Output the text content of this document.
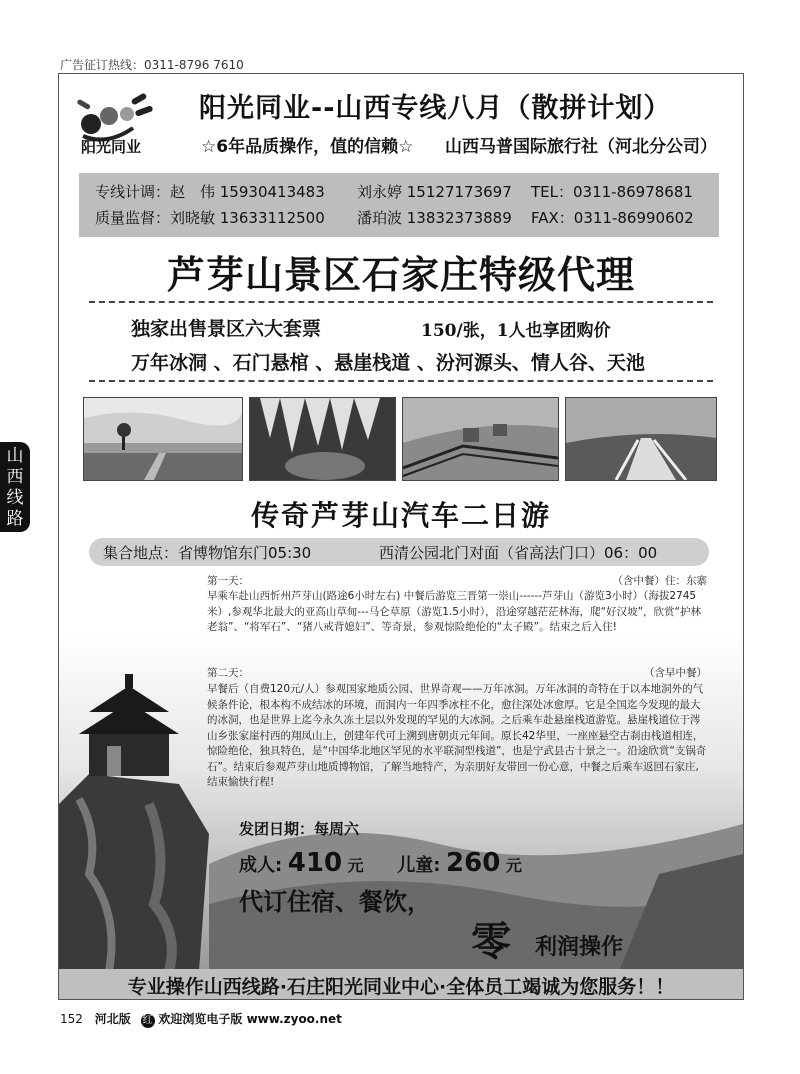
广告征订热线：0311-8796 7610
山
西
线
路
阳光同业
阳光同业--山西专线八月（散拼计划）
☆6年品质操作，值的信赖☆ 山西马普国际旅行社（河北分公司）
专线计调：赵　伟 15930413483 刘永婷 15127173697 TEL：0311-86978681
质量监督：刘晓敏 13633112500 潘珀波 13832373889 FAX：0311-86990602
芦芽山景区石家庄特级代理
独家出售景区六大套票	150/张，1人也享团购价
万年冰洞 、石门悬棺 、悬崖栈道 、汾河源头、情人谷、天池
传奇芦芽山汽车二日游
集合地点：省博物馆东门05:30	西清公园北门对面（省高法门口）06：00
第一天：	（含中餐）住：东寨
早乘车赴山西忻州芦芽山(路途6小时左右) 中餐后游览三晋第一崇山------芦芽山（游览3小时）（海拔2745米）,参观华北最大的亚高山草甸---马仑草原（游览1.5小时），沿途穿越茫茫林海，爬“好汉坡”，欣赏“护林老翁”、“将军石”、“猪八戒背媳妇”、等奇景，参观惊险绝伦的“太子殿”。结束之后入住!
第二天：	（含早中餐）
早餐后（自费120元/人）参观国家地质公园、世界奇观——万年冰洞。万年冰洞的奇特在于以本地洞外的气候条件论，根本构不成结冰的环境，而洞内一年四季冰柱不化，愈往深处冰愈厚。它是全国迄今发现的最大的冰洞，也是世界上迄今永久冻土层以外发现的罕见的大冰洞。之后乘车赴悬崖栈道游览。悬崖栈道位于涔山乡张家崖村西的翔凤山上，创建年代可上溯到唐朝贞元年间。原长42华里，一座座悬空古刹由栈道相连，惊险绝伦，独具特色，是“中国华北地区罕见的水平联洞型栈道”，也是宁武县古十景之一。沿途欣赏“支锅奇石”。结束后参观芦芽山地质博物馆，了解当地特产，为亲朋好友带回一份心意，中餐之后乘车返回石家庄,结束愉快行程!
发团日期：每周六
成人: 410 元 儿童: 260 元
代订住宿、餐饮，
零 利润操作
专业操作山西线路·石庄阳光同业中心·全体员工竭诚为您服务！！
152 河北版 红 欢迎浏览电子版 www.zyoo.net
